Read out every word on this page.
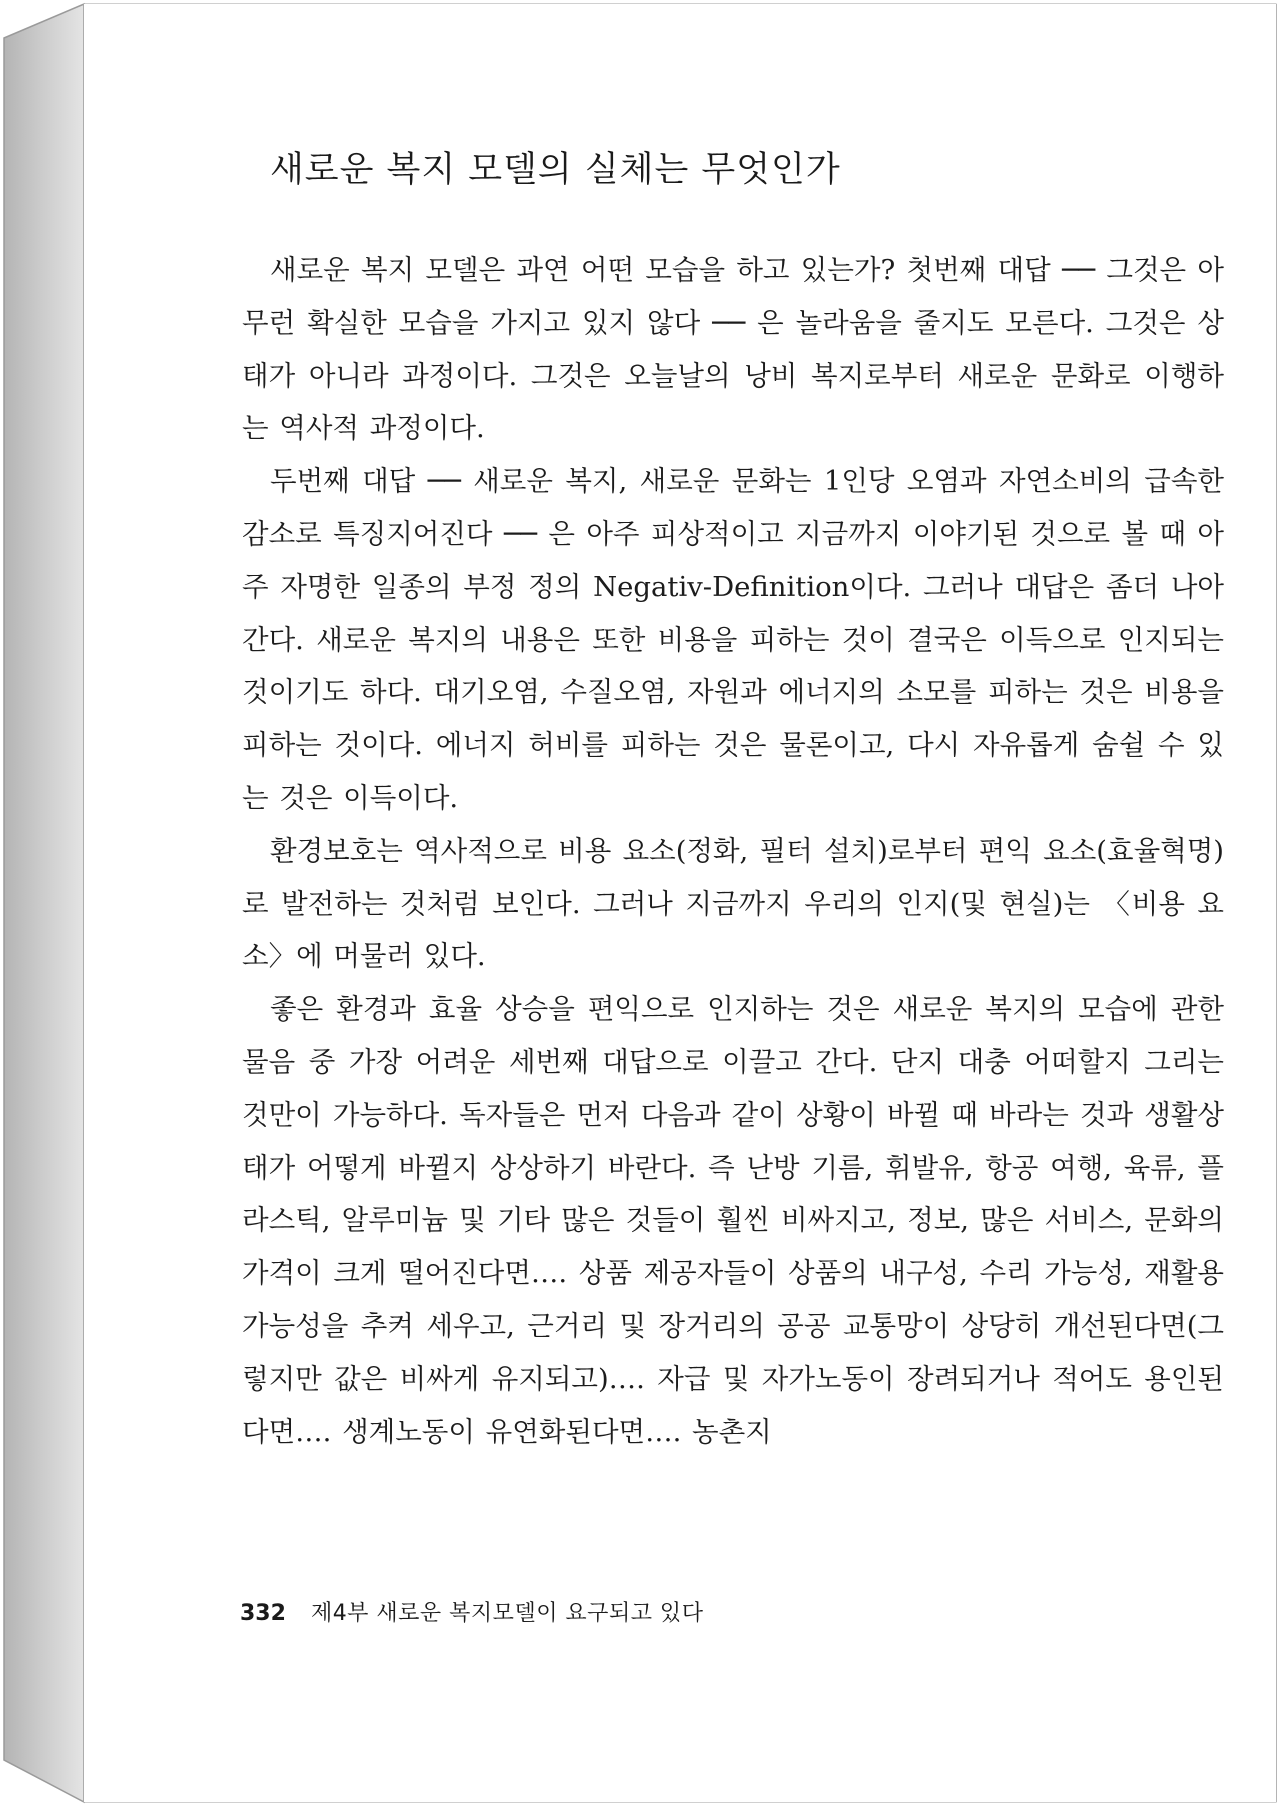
새로운 복지 모델의 실체는 무엇인가

새로운 복지 모델은 과연 어떤 모습을 하고 있는가? 첫번째 대답 ── 그것은 아무런 확실한 모습을 가지고 있지 않다 ── 은 놀라움을 줄지도 모른다. 그것은 상태가 아니라 과정이다. 그것은 오늘날의 낭비 복지로부터 새로운 문화로 이행하는 역사적 과정이다.

두번째 대답 ── 새로운 복지, 새로운 문화는 1인당 오염과 자연소비의 급속한 감소로 특징지어진다 ── 은 아주 피상적이고 지금까지 이야기된 것으로 볼 때 아주 자명한 일종의 부정 정의 Negativ-Definition이다. 그러나 대답은 좀더 나아간다. 새로운 복지의 내용은 또한 비용을 피하는 것이 결국은 이득으로 인지되는 것이기도 하다. 대기오염, 수질오염, 자원과 에너지의 소모를 피하는 것은 비용을 피하는 것이다. 에너지 허비를 피하는 것은 물론이고, 다시 자유롭게 숨쉴 수 있는 것은 이득이다.

환경보호는 역사적으로 비용 요소(정화, 필터 설치)로부터 편익 요소(효율혁명)로 발전하는 것처럼 보인다. 그러나 지금까지 우리의 인지(및 현실)는 〈비용 요소〉에 머물러 있다.

좋은 환경과 효율 상승을 편익으로 인지하는 것은 새로운 복지의 모습에 관한 물음 중 가장 어려운 세번째 대답으로 이끌고 간다. 단지 대충 어떠할지 그리는 것만이 가능하다. 독자들은 먼저 다음과 같이 상황이 바뀔 때 바라는 것과 생활상태가 어떻게 바뀔지 상상하기 바란다. 즉 난방 기름, 휘발유, 항공 여행, 육류, 플라스틱, 알루미늄 및 기타 많은 것들이 훨씬 비싸지고, 정보, 많은 서비스, 문화의 가격이 크게 떨어진다면…. 상품 제공자들이 상품의 내구성, 수리 가능성, 재활용 가능성을 추켜 세우고, 근거리 및 장거리의 공공 교통망이 상당히 개선된다면(그렇지만 값은 비싸게 유지되고)…. 자급 및 자가노동이 장려되거나 적어도 용인된다면…. 생계노동이 유연화된다면…. 농촌지

332 제4부 새로운 복지모델이 요구되고 있다
